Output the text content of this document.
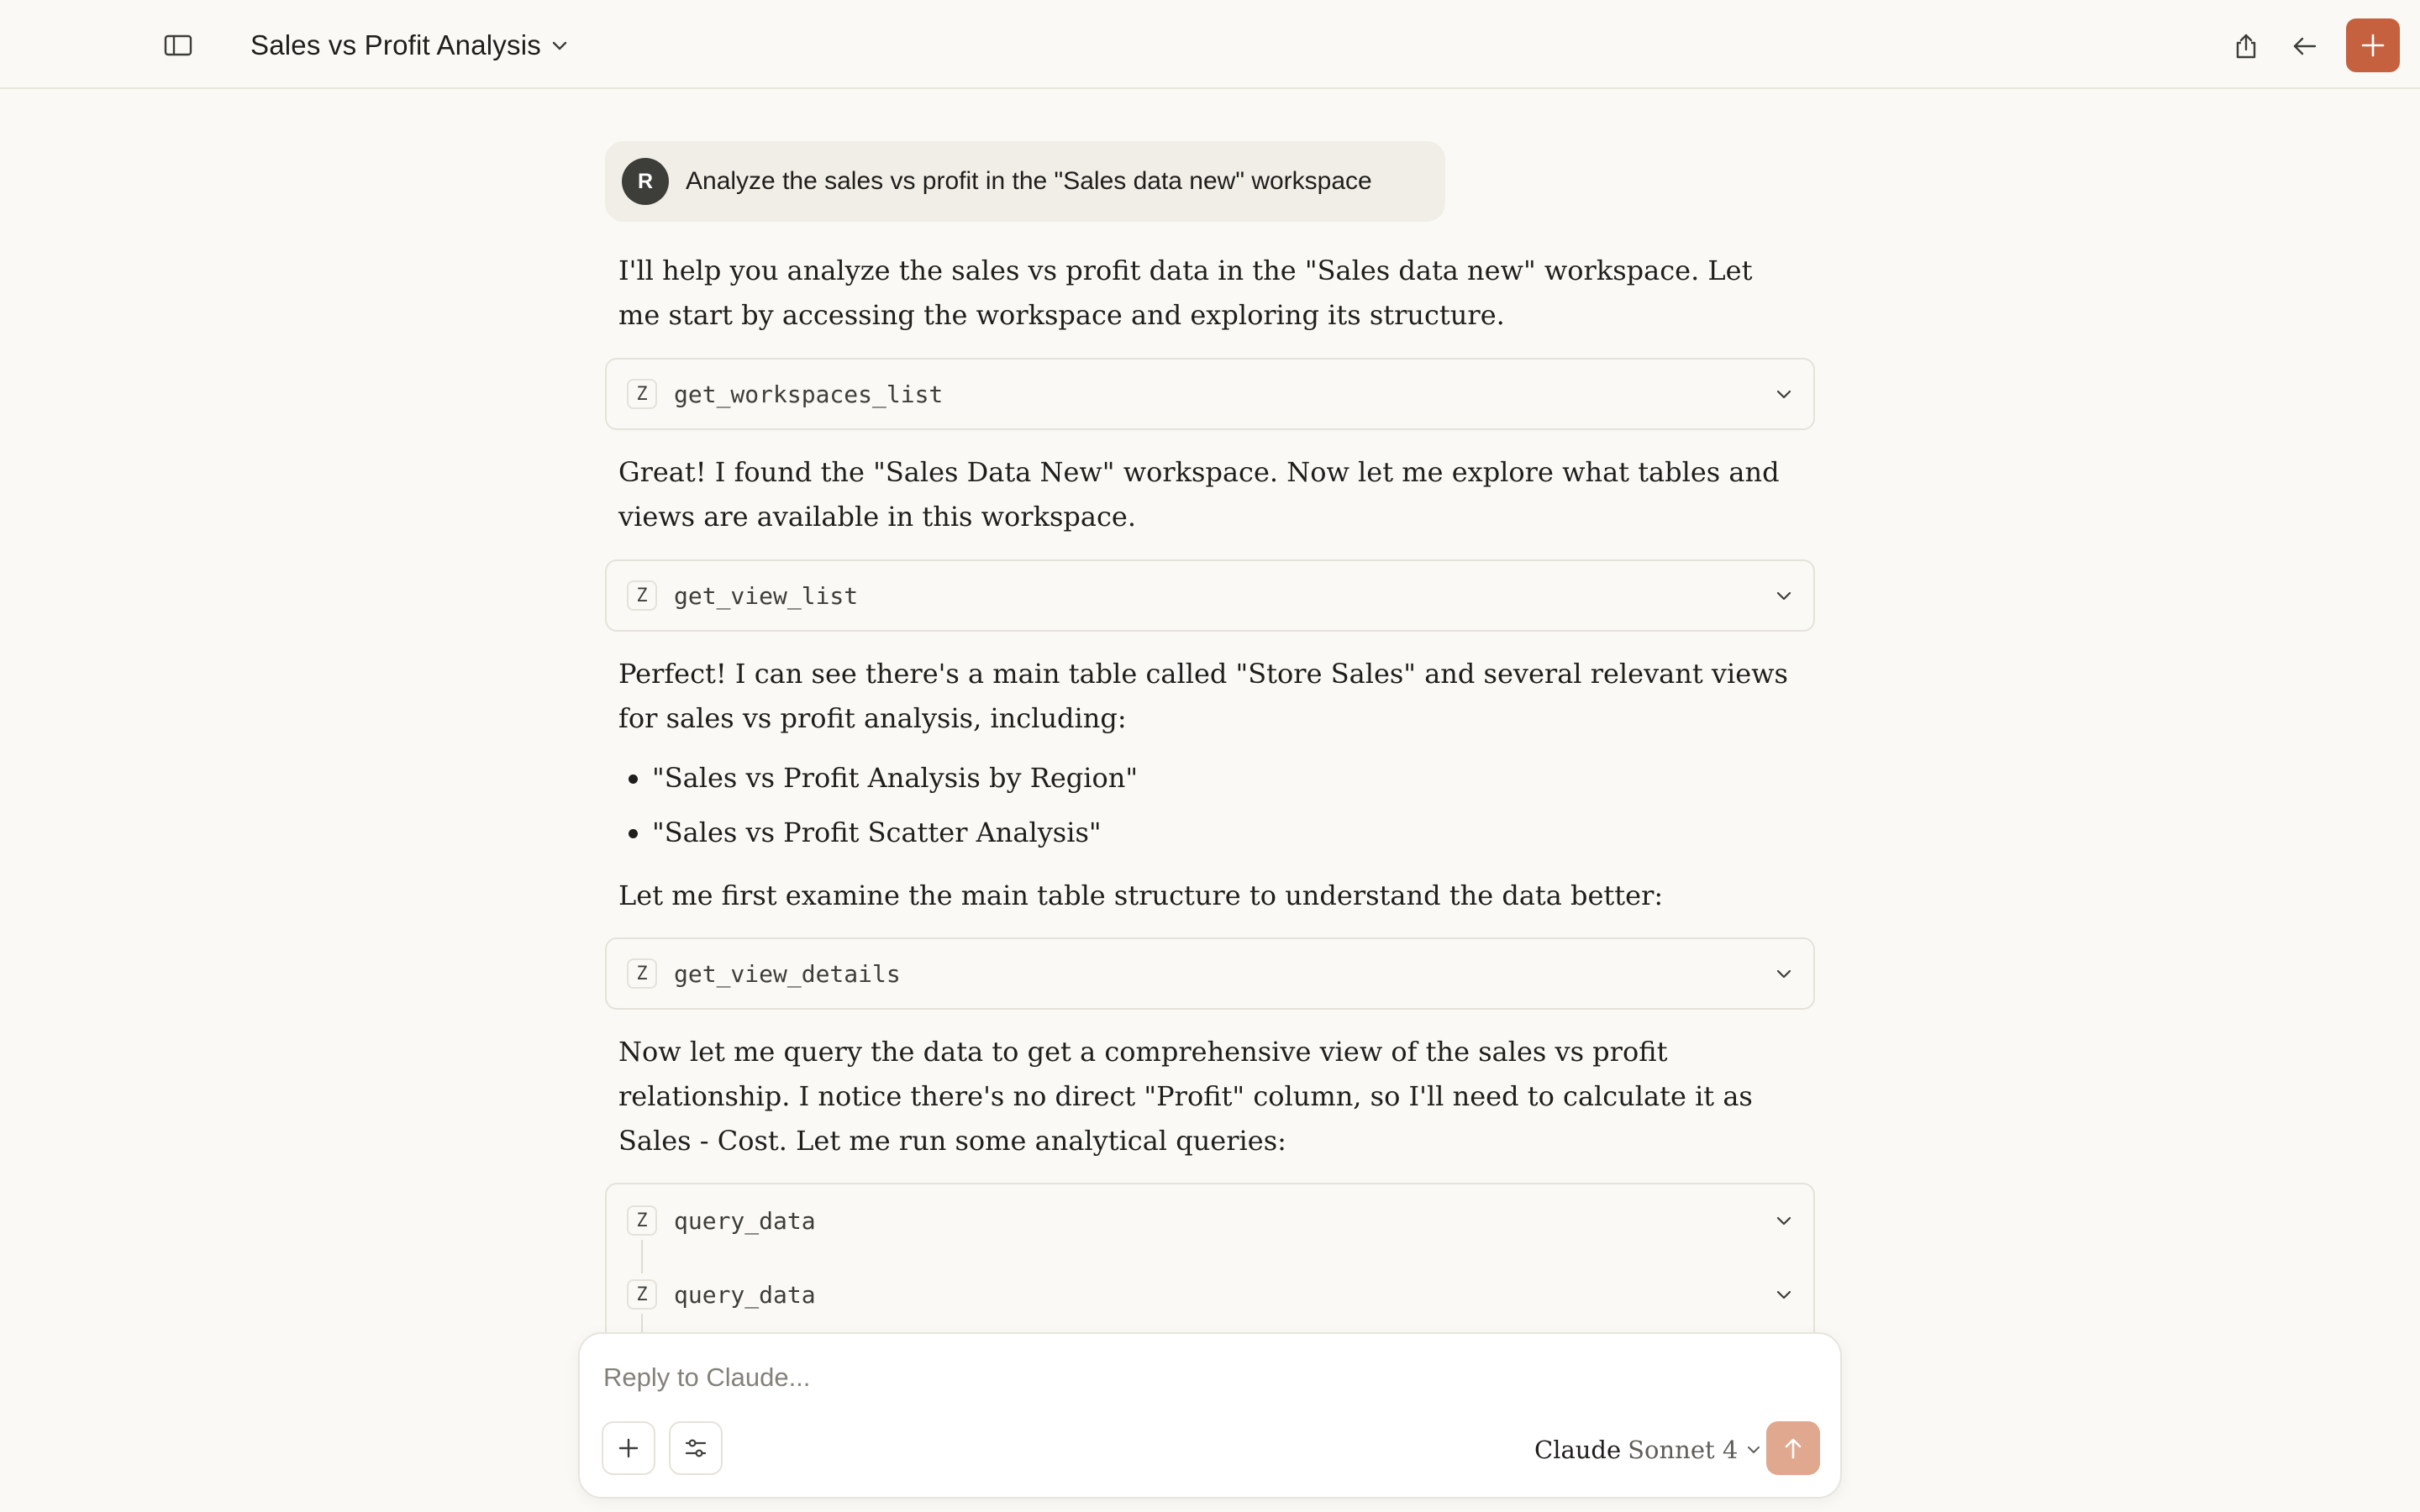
Sales vs Profit Analysis
R	Analyze the sales vs profit in the "Sales data new" workspace

I'll help you analyze the sales vs profit data in the "Sales data new" workspace. Let me start by accessing the workspace and exploring its structure.

Z	get_workspaces_list

Great! I found the "Sales Data New" workspace. Now let me explore what tables and views are available in this workspace.

Z	get_view_list

Perfect! I can see there's a main table called "Store Sales" and several relevant views for sales vs profit analysis, including:

"Sales vs Profit Analysis by Region"
"Sales vs Profit Scatter Analysis"

Let me first examine the main table structure to understand the data better:

Z	get_view_details

Now let me query the data to get a comprehensive view of the sales vs profit relationship. I notice there's no direct "Profit" column, so I'll need to calculate it as Sales - Cost. Let me run some analytical queries:

Z	query_data
Z	query_data
Reply to Claude...
Claude Sonnet 4
